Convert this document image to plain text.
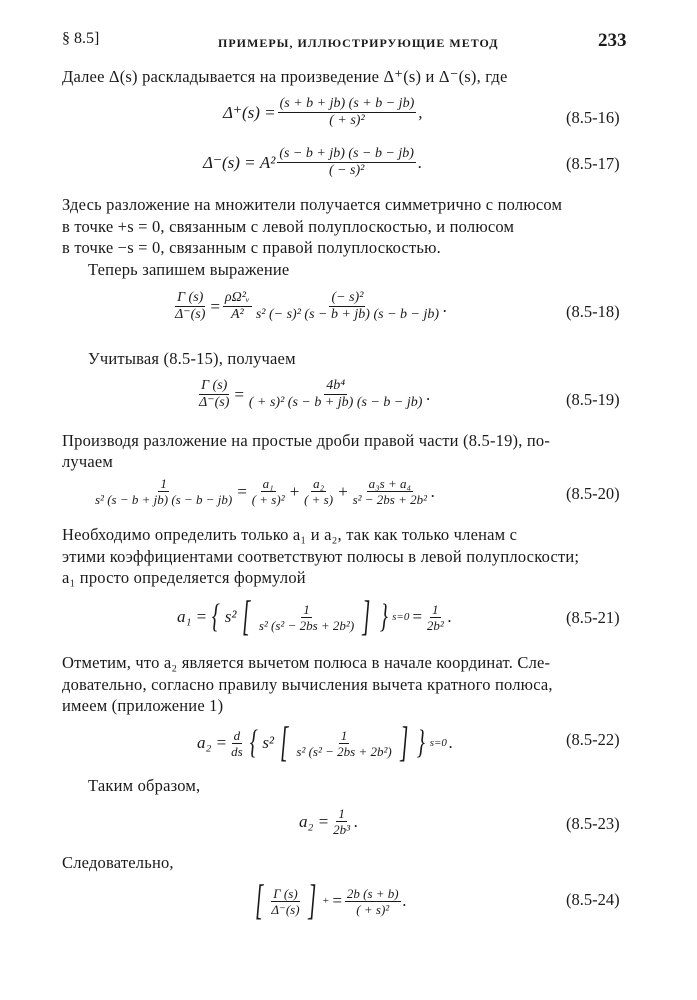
§ 8.5]	ПРИМЕРЫ, ИЛЛЮСТРИРУЮЩИЕ МЕТОД	233
Далее Δ(s) раскладывается на произведение Δ⁺(s) и Δ⁻(s), где
$\Delta^+(s) = \frac{(s + b + jb) (s + b - jb)}{\text{( + s)²}}$ ,	(8.5-16)
$\Delta^-(s) = A^2 \frac{(s - b + jb) (s - b - jb)}{\text{( − s)²}}$ .	(8.5-17)
Здесь разложение на множители получается симметрично с полюсом
в точке +s = 0, связанным с левой полуплоскостью, и полюсом
в точке −s = 0, связанным с правой полуплоскостью.
Теперь запишем выражение
$\frac{\Gamma (s)}{\Delta^-(s)} = \frac{\text{ρΩ²ᵥ}}{\text{A²}} \frac{\text{(− s)²}}{\text{s² (− s)² (s − b + jb) (s − b − jb)}}$ .	(8.5-18)
Учитывая (8.5-15), получаем
$\frac{\Gamma (s)}{\Delta^-(s)} = \frac{\text{4b⁴}}{\text{( + s)² (s − b + jb) (s − b − jb)}}$ .	(8.5-19)
Производя разложение на простые дроби правой части (8.5-19), по-
лучаем
$\frac{1}{\text{s² (s − b + jb) (s − b − jb)}} = \frac{\text{a₁}}{\text{( + s)²}} + \frac{\text{a₂}}{( + s)} + \frac{\text{a₃s + a₄}}{\text{s² − 2bs + 2b²}}$ .	(8.5-20)
Необходимо определить только a₁ и a₂, так как только членам с
этими коэффициентами соответствуют полюсы в левой полуплоскости;
a₁ просто определяется формулой
a₁ = { s² [ $\frac{1}{\text{s² (s² − 2bs + 2b²)}}$ ] } $s=0 = \frac{1}{\text{2b²}}$ .	(8.5-21)
Отметим, что a₂ является вычетом полюса в начале координат. Сле-
довательно, согласно правилу вычисления вычета кратного полюса,
имеем (приложение 1)
$a_2 = \frac{d}{ds}$ { s² [ $\frac{1}{\text{s² (s² − 2bs + 2b²)}}$ ] } s=0 .	(8.5-22)
Таким образом,
$a_2 = \frac{1}{\text{2b³}}$ .	(8.5-23)
Следовательно,
[ $\frac{\Gamma (s)}{\Delta^-(s)}$ ] + = $\frac{2b (s + b)}{\text{( + s)²}}$ .	(8.5-24)
